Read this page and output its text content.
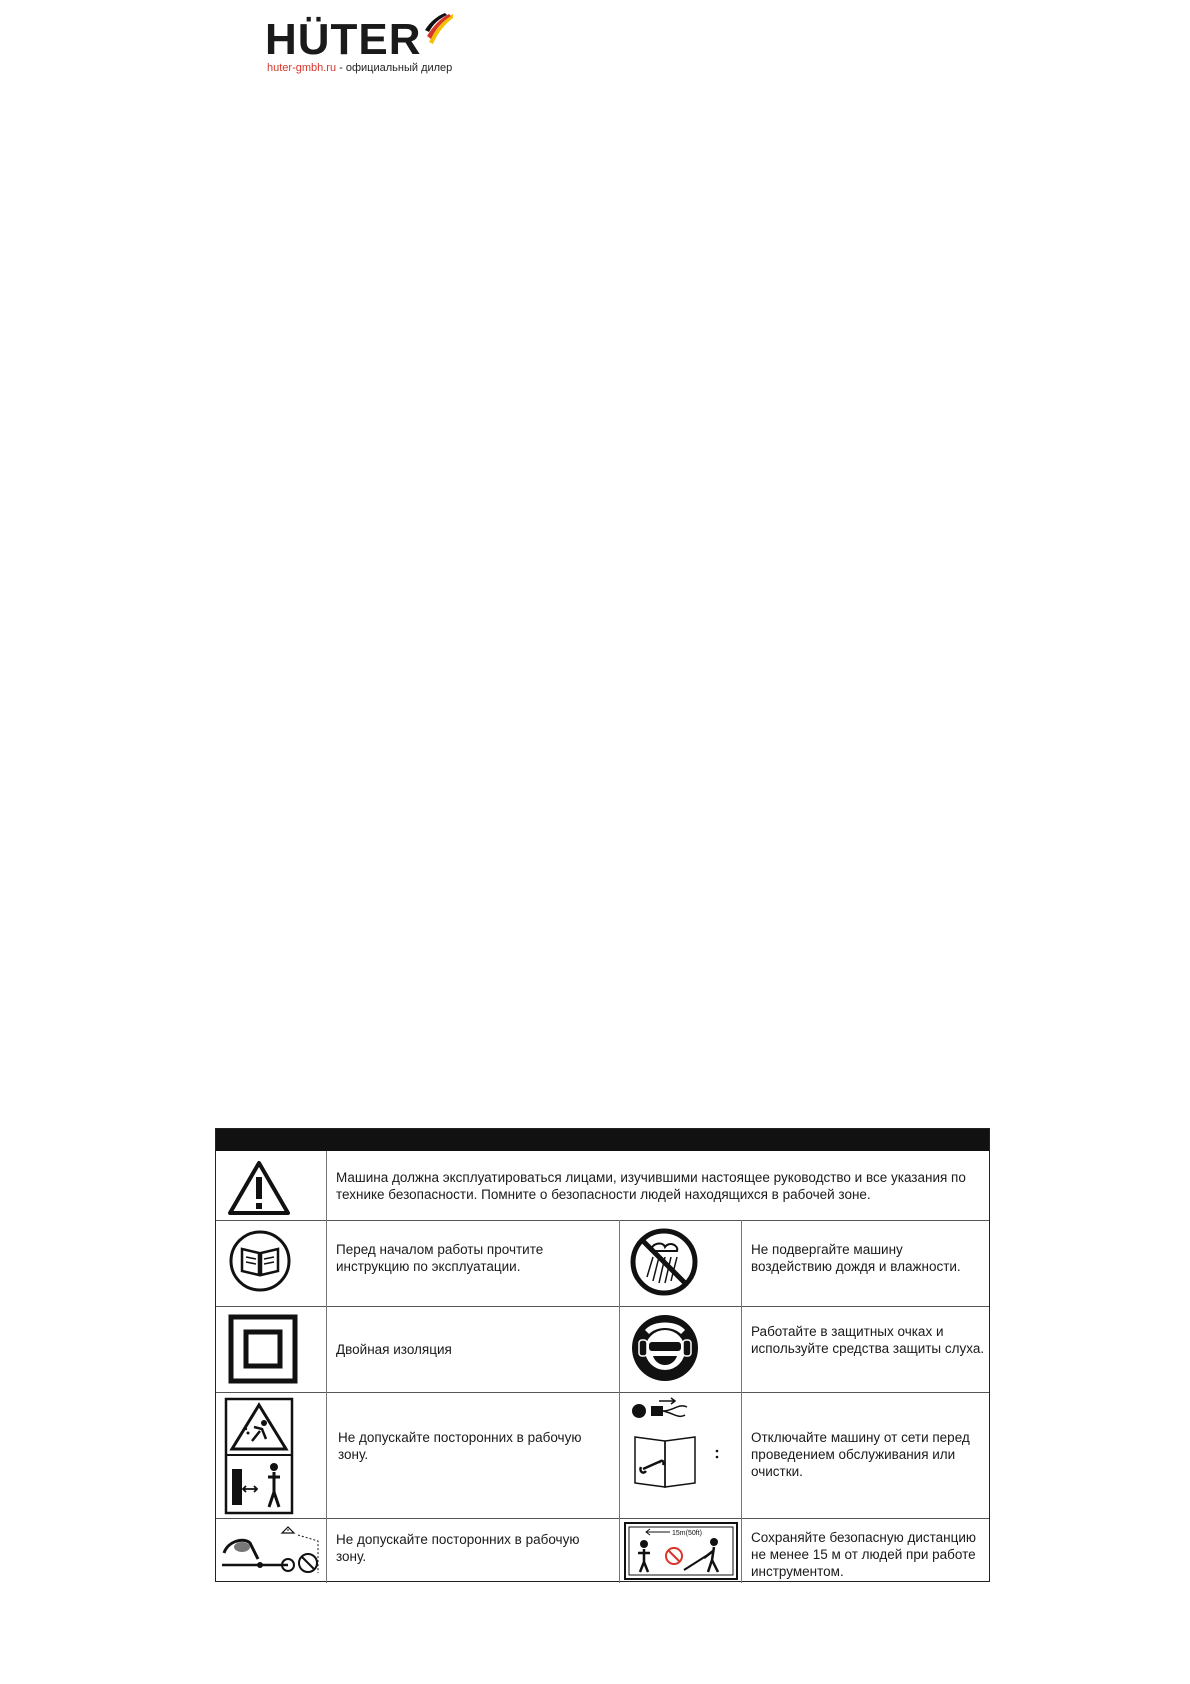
HÜTER
huter-gmbh.ru - официальный дилер
Машина должна эксплуатироваться лицами, изучившими настоящее руководство и все указания по технике безопасности. Помните о безопасности людей находящихся в рабочей зоне.
Перед началом работы прочтите инструкцию по эксплуатации.
Не подвергайте машину воздействию дождя и влажности.
Двойная изоляция
Работайте в защитных очках и используйте средства защиты слуха.
Не допускайте посторонних в рабочую зону.
Отключайте машину от сети перед проведением обслуживания или очистки.
Не допускайте посторонних в рабочую зону.
15m(50ft)	Сохраняйте безопасную дистанцию не менее 15 м от людей при работе инструментом.
